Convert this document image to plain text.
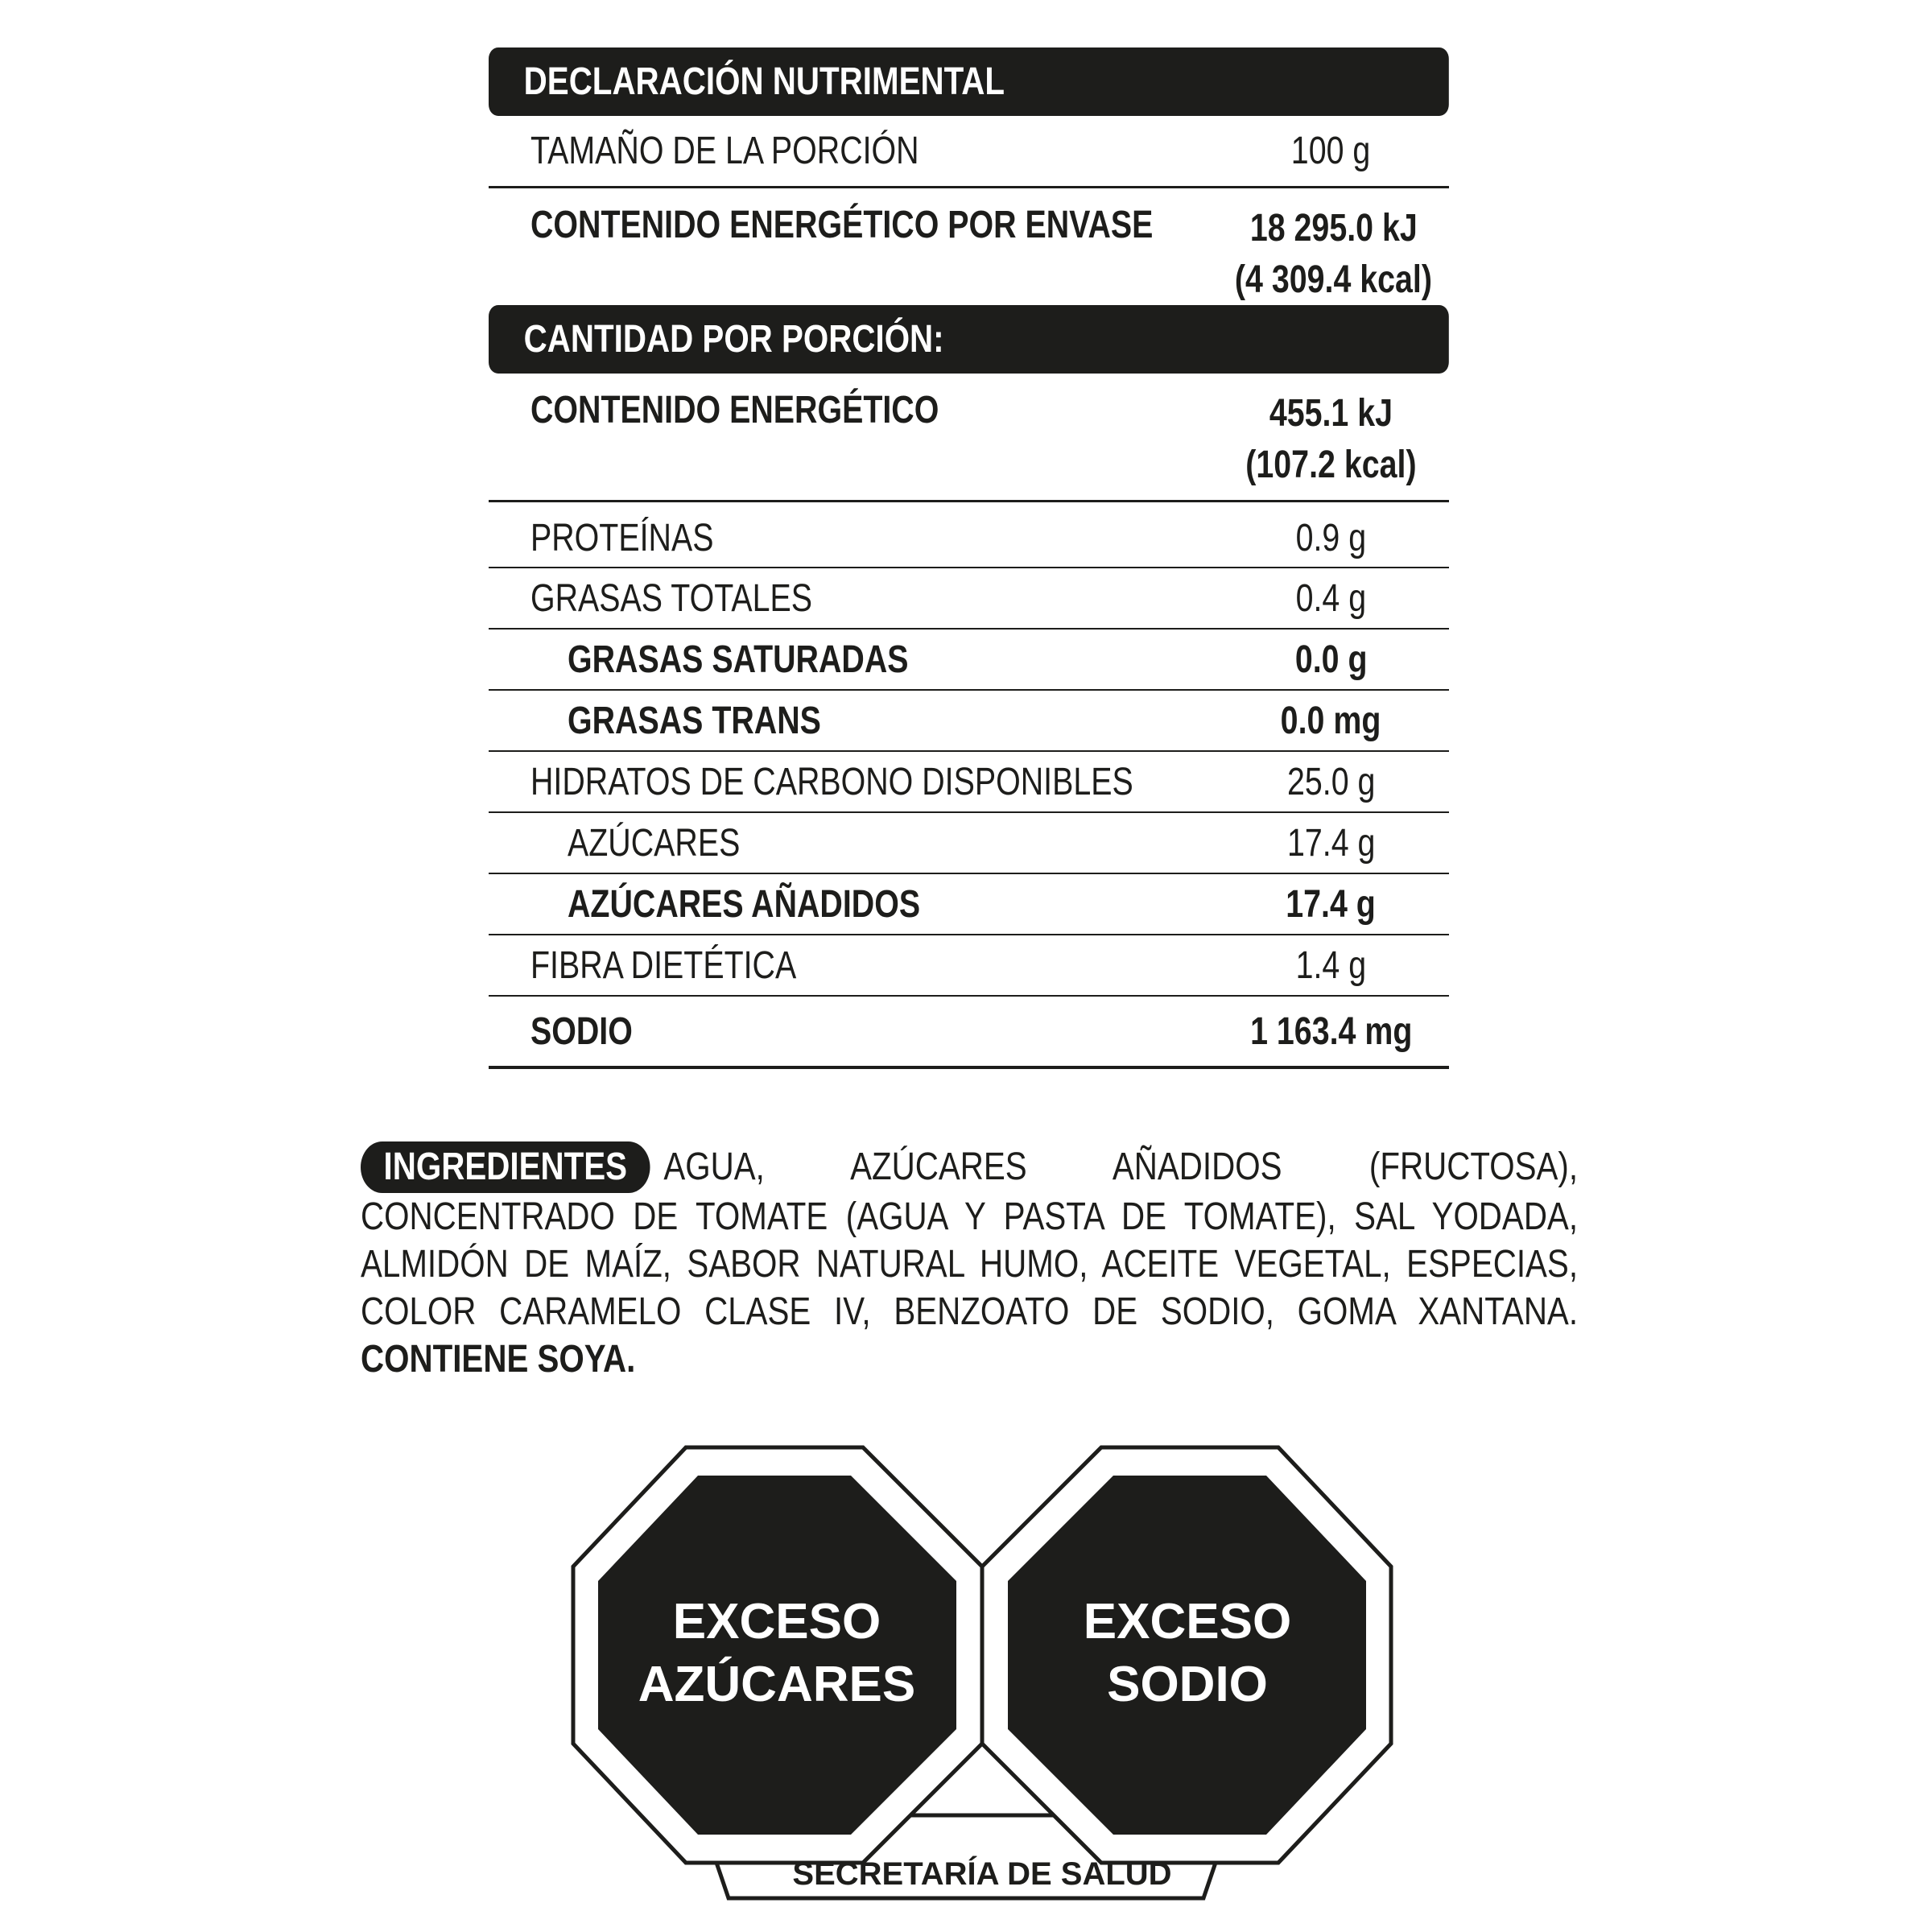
DECLARACIÓN NUTRIMENTAL
TAMAÑO DE LA PORCIÓN	100 g
CONTENIDO ENERGÉTICO POR ENVASE	18 295.0 kJ
(4 309.4 kcal)
CANTIDAD POR PORCIÓN:
CONTENIDO ENERGÉTICO	455.1 kJ
(107.2 kcal)
PROTEÍNAS	0.9 g
GRASAS TOTALES	0.4 g
GRASAS SATURADAS	0.0 g
GRASAS TRANS	0.0 mg
HIDRATOS DE CARBONO DISPONIBLES	25.0 g
AZÚCARES	17.4 g
AZÚCARES AÑADIDOS	17.4 g
FIBRA DIETÉTICA	1.4 g
SODIO	1 163.4 mg
INGREDIENTES AGUA, AZÚCARES AÑADIDOS (FRUCTOSA), CONCENTRADO DE TOMATE (AGUA Y PASTA DE TOMATE), SAL YODADA, ALMIDÓN DE MAÍZ, SABOR NATURAL HUMO, ACEITE VEGETAL, ESPECIAS, COLOR CARAMELO CLASE IV, BENZOATO DE SODIO, GOMA XANTANA. CONTIENE SOYA.
SECRETARÍA DE SALUD
EXCESO
AZÚCARES
EXCESO
SODIO
